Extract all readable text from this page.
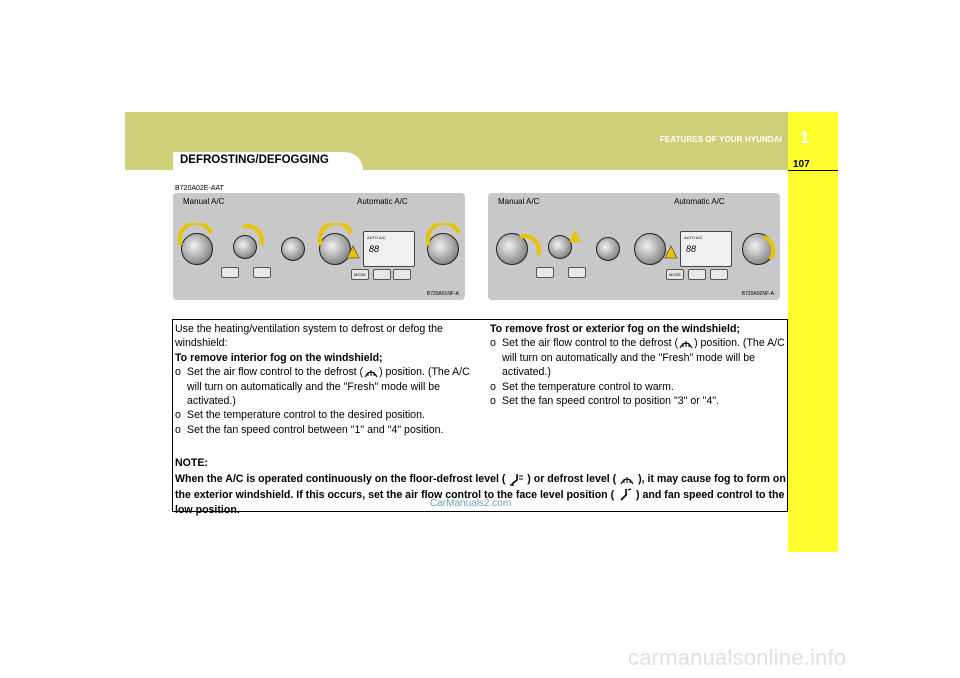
FEATURES OF YOUR HYUNDAI 1
107
DEFROSTING/DEFOGGING
B720A02E-AAT
Manual A/C	Automatic A/C
AUTO A/C
88
MODE
B720A01NF-A
Manual A/C	Automatic A/C
AUTO A/C
88
MODE
B720A02NF-A

Use the heating/ventilation system to defrost or defog the windshield:

To remove interior fog on the windshield;

o Set the air flow control to the defrost ( ) position. (The A/C will turn on automatically and the "Fresh" mode will be activated.)

o Set the temperature control to the desired position.

o Set the fan speed control between "1" and "4" position.

To remove frost or exterior fog on the windshield;

o Set the air flow control to the defrost ( ) position. (The A/C will turn on automatically and the "Fresh" mode will be activated.)

o Set the temperature control to warm.

o Set the fan speed control to position "3" or "4".

NOTE:
When the A/C is operated continuously on the floor-defrost level ( ) or defrost level ( ), it may cause fog to form on the exterior windshield. If this occurs, set the air flow control to the face level position ( ) and fan speed control to the low position.
CarManuals2.com
carmanualsonline.info
